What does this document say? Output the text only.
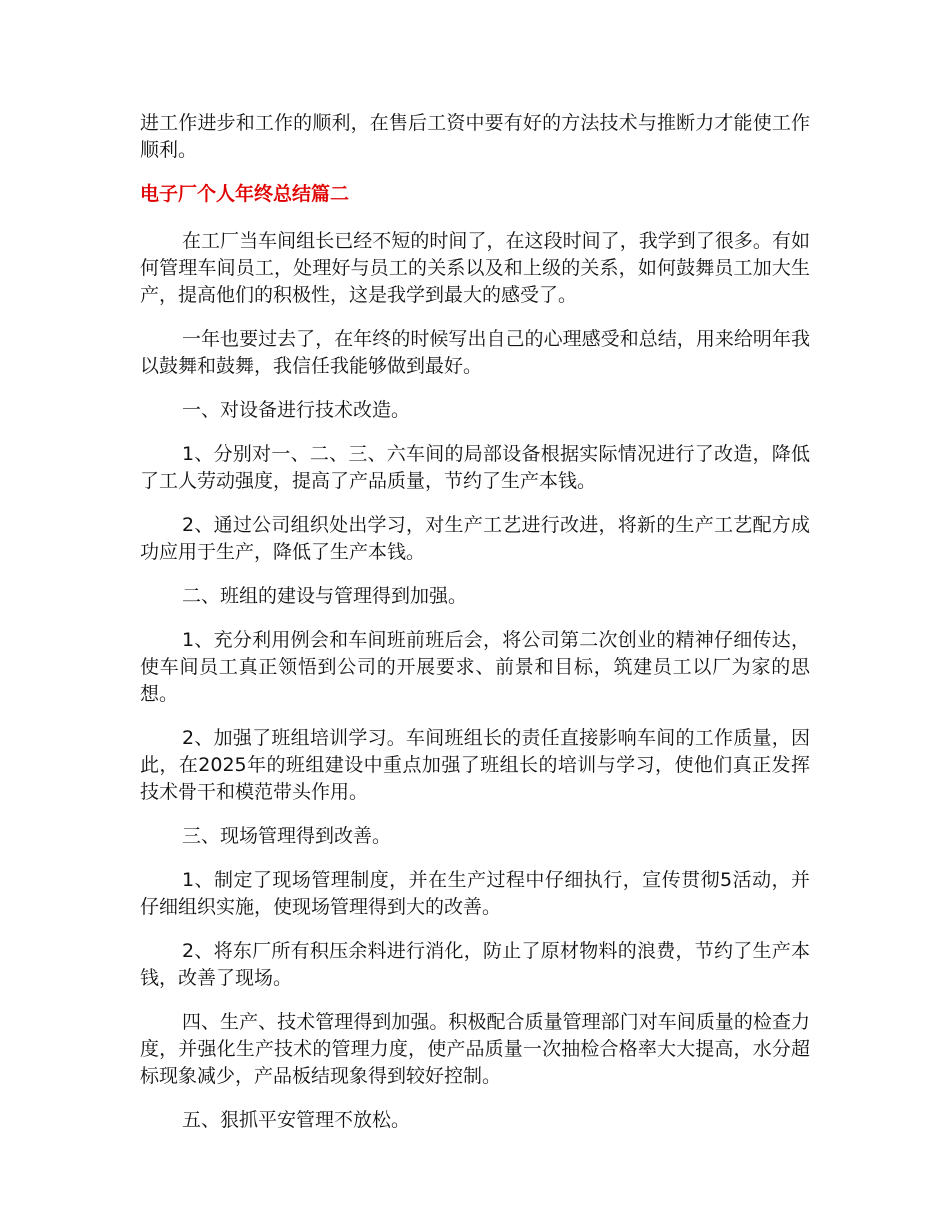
进工作进步和工作的顺利，在售后工资中要有好的方法技术与推断力才能使工作顺利。

电子厂个人年终总结篇二

在工厂当车间组长已经不短的时间了，在这段时间了，我学到了很多。有如何管理车间员工，处理好与员工的关系以及和上级的关系，如何鼓舞员工加大生产，提高他们的积极性，这是我学到最大的感受了。

一年也要过去了，在年终的时候写出自己的心理感受和总结，用来给明年我以鼓舞和鼓舞，我信任我能够做到最好。

一、对设备进行技术改造。

1、分别对一、二、三、六车间的局部设备根据实际情况进行了改造，降低了工人劳动强度，提高了产品质量，节约了生产本钱。

2、通过公司组织处出学习，对生产工艺进行改进，将新的生产工艺配方成功应用于生产，降低了生产本钱。

二、班组的建设与管理得到加强。

1、充分利用例会和车间班前班后会，将公司第二次创业的精神仔细传达，使车间员工真正领悟到公司的开展要求、前景和目标，筑建员工以厂为家的思想。

2、加强了班组培训学习。车间班组长的责任直接影响车间的工作质量，因此，在2025年的班组建设中重点加强了班组长的培训与学习，使他们真正发挥技术骨干和模范带头作用。

三、现场管理得到改善。

1、制定了现场管理制度，并在生产过程中仔细执行，宣传贯彻5活动，并仔细组织实施，使现场管理得到大的改善。

2、将东厂所有积压余料进行消化，防止了原材物料的浪费，节约了生产本钱，改善了现场。

四、生产、技术管理得到加强。积极配合质量管理部门对车间质量的检查力度，并强化生产技术的管理力度，使产品质量一次抽检合格率大大提高，水分超标现象减少，产品板结现象得到较好控制。

五、狠抓平安管理不放松。
